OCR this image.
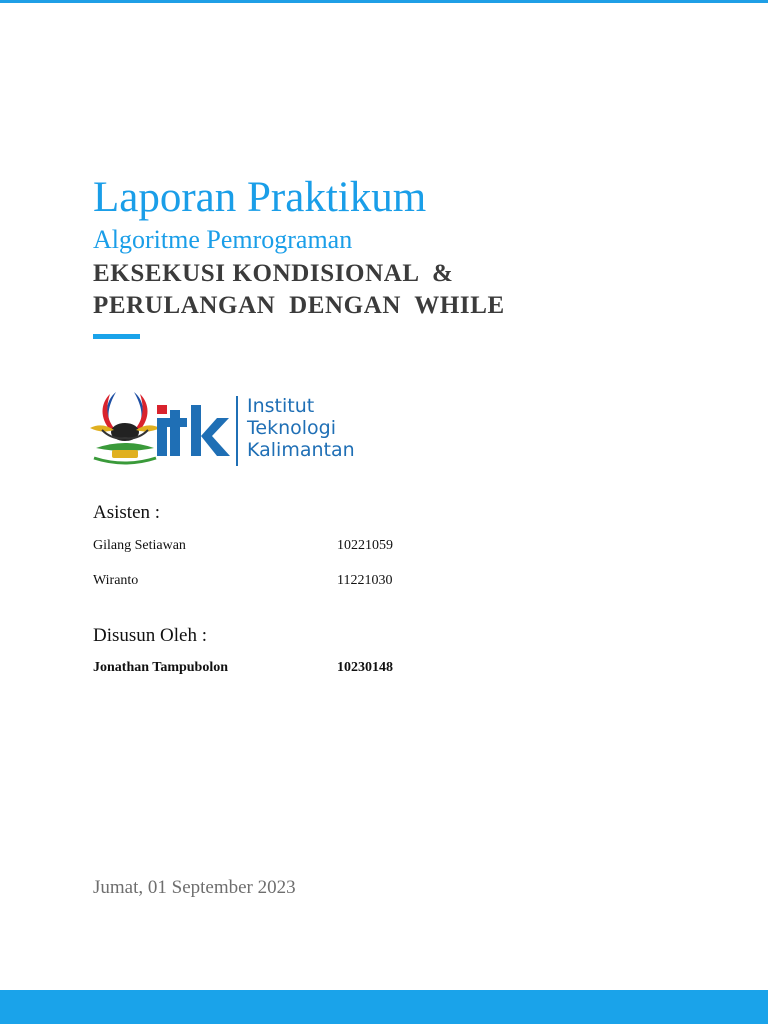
Laporan Praktikum
Algoritme Pemrograman
EKSEKUSI KONDISIONAL  &
PERULANGAN  DENGAN  WHILE
Institut
Teknologi
Kalimantan
Asisten :
Gilang Setiawan	10221059
Wiranto	11221030
Disusun Oleh :
Jonathan Tampubolon	10230148
Jumat, 01 September 2023
